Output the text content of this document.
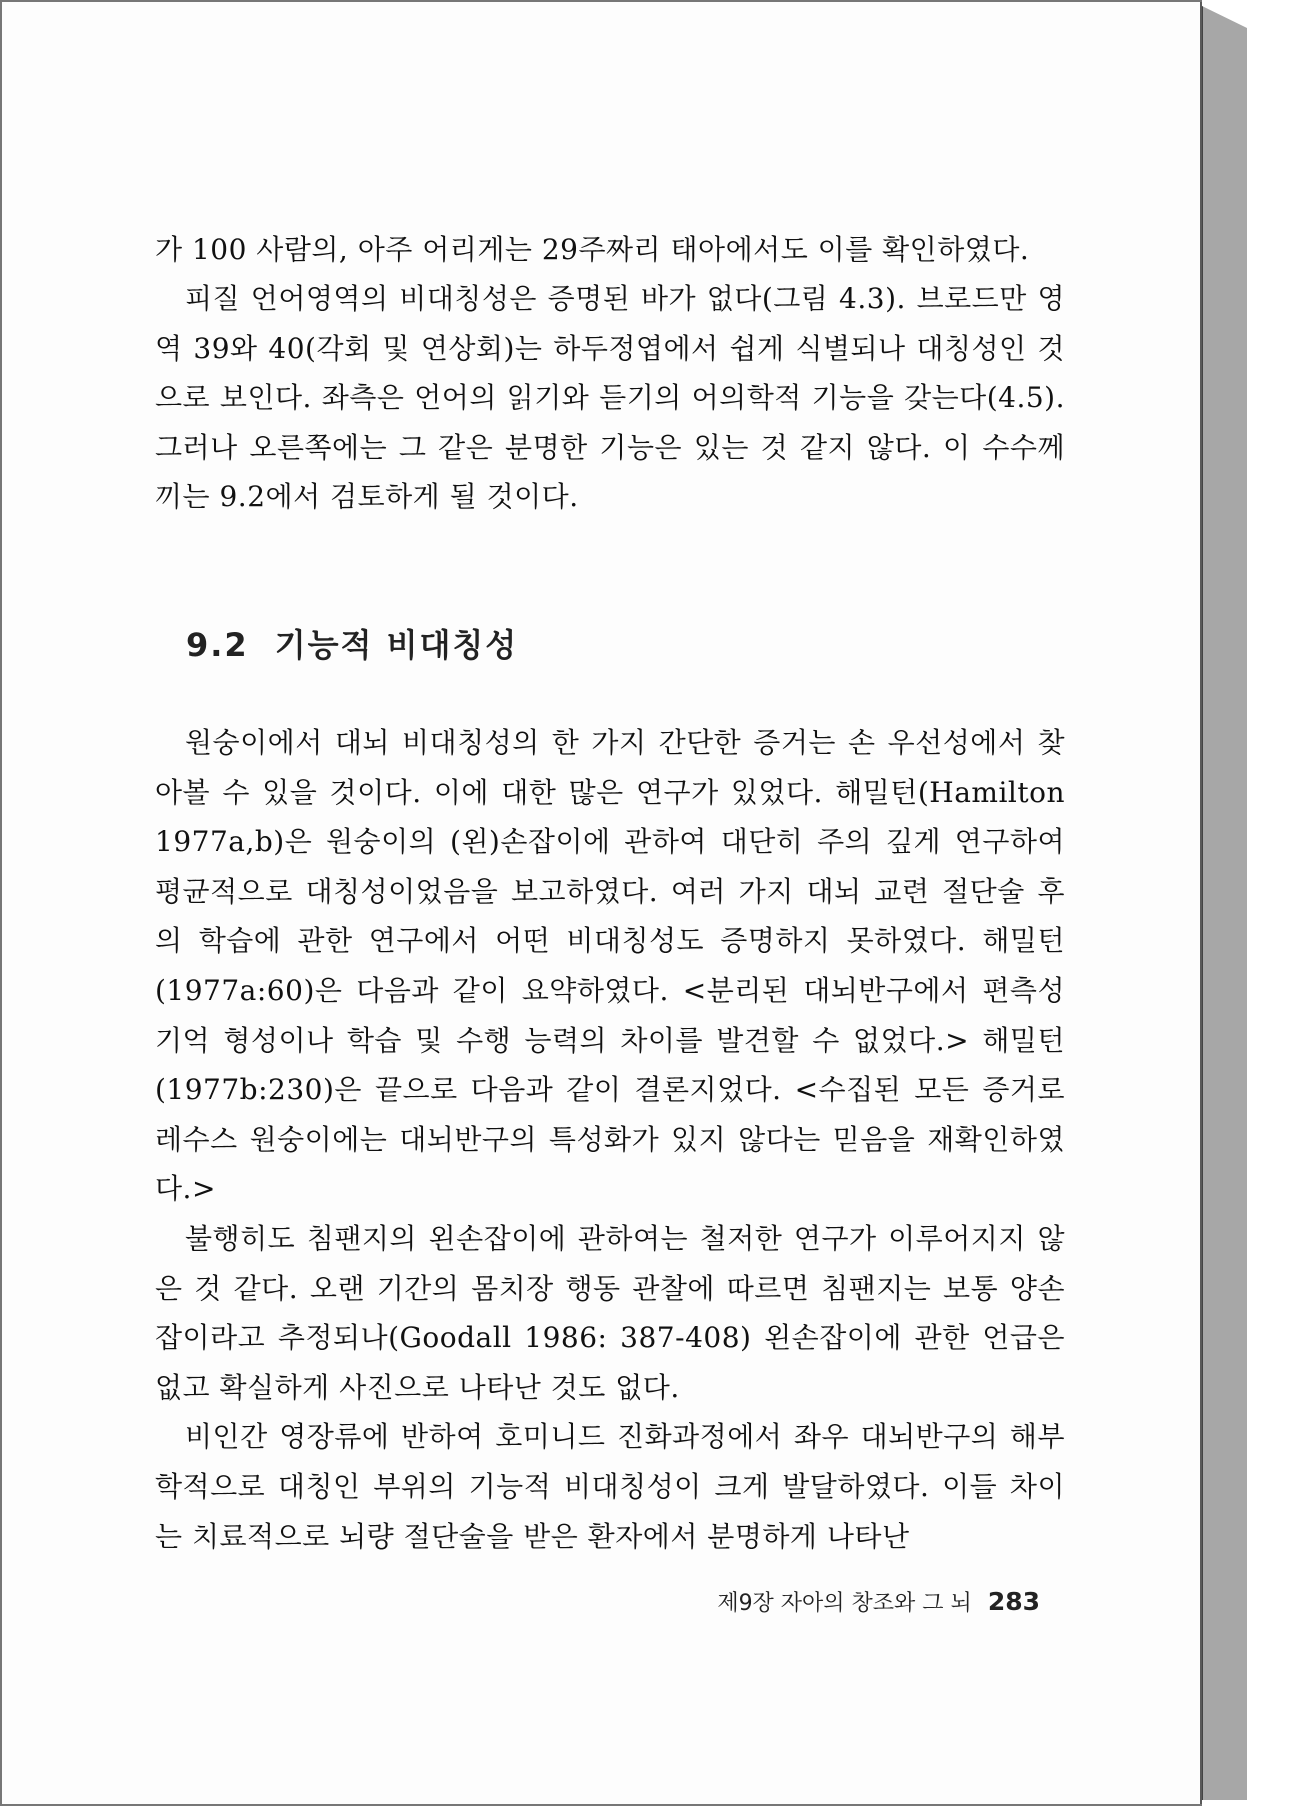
가 100 사람의, 아주 어리게는 29주짜리 태아에서도 이를 확인하였다.

피질 언어영역의 비대칭성은 증명된 바가 없다(그림 4.3). 브로드만 영역 39와 40(각회 및 연상회)는 하두정엽에서 쉽게 식별되나 대칭성인 것으로 보인다. 좌측은 언어의 읽기와 듣기의 어의학적 기능을 갖는다(4.5). 그러나 오른쪽에는 그 같은 분명한 기능은 있는 것 같지 않다. 이 수수께끼는 9.2에서 검토하게 될 것이다.

9.2 기능적 비대칭성

원숭이에서 대뇌 비대칭성의 한 가지 간단한 증거는 손 우선성에서 찾아볼 수 있을 것이다. 이에 대한 많은 연구가 있었다. 해밀턴(Hamilton 1977a,b)은 원숭이의 (왼)손잡이에 관하여 대단히 주의 깊게 연구하여 평균적으로 대칭성이었음을 보고하였다. 여러 가지 대뇌 교련 절단술 후의 학습에 관한 연구에서 어떤 비대칭성도 증명하지 못하였다. 해밀턴(1977a:60)은 다음과 같이 요약하였다. <분리된 대뇌반구에서 편측성 기억 형성이나 학습 및 수행 능력의 차이를 발견할 수 없었다.> 해밀턴(1977b:230)은 끝으로 다음과 같이 결론지었다. <수집된 모든 증거로 레수스 원숭이에는 대뇌반구의 특성화가 있지 않다는 믿음을 재확인하였다.>

불행히도 침팬지의 왼손잡이에 관하여는 철저한 연구가 이루어지지 않은 것 같다. 오랜 기간의 몸치장 행동 관찰에 따르면 침팬지는 보통 양손잡이라고 추정되나(Goodall 1986: 387-408) 왼손잡이에 관한 언급은 없고 확실하게 사진으로 나타난 것도 없다.

비인간 영장류에 반하여 호미니드 진화과정에서 좌우 대뇌반구의 해부학적으로 대칭인 부위의 기능적 비대칭성이 크게 발달하였다. 이들 차이는 치료적으로 뇌량 절단술을 받은 환자에서 분명하게 나타난

제9장 자아의 창조와 그 뇌 283
